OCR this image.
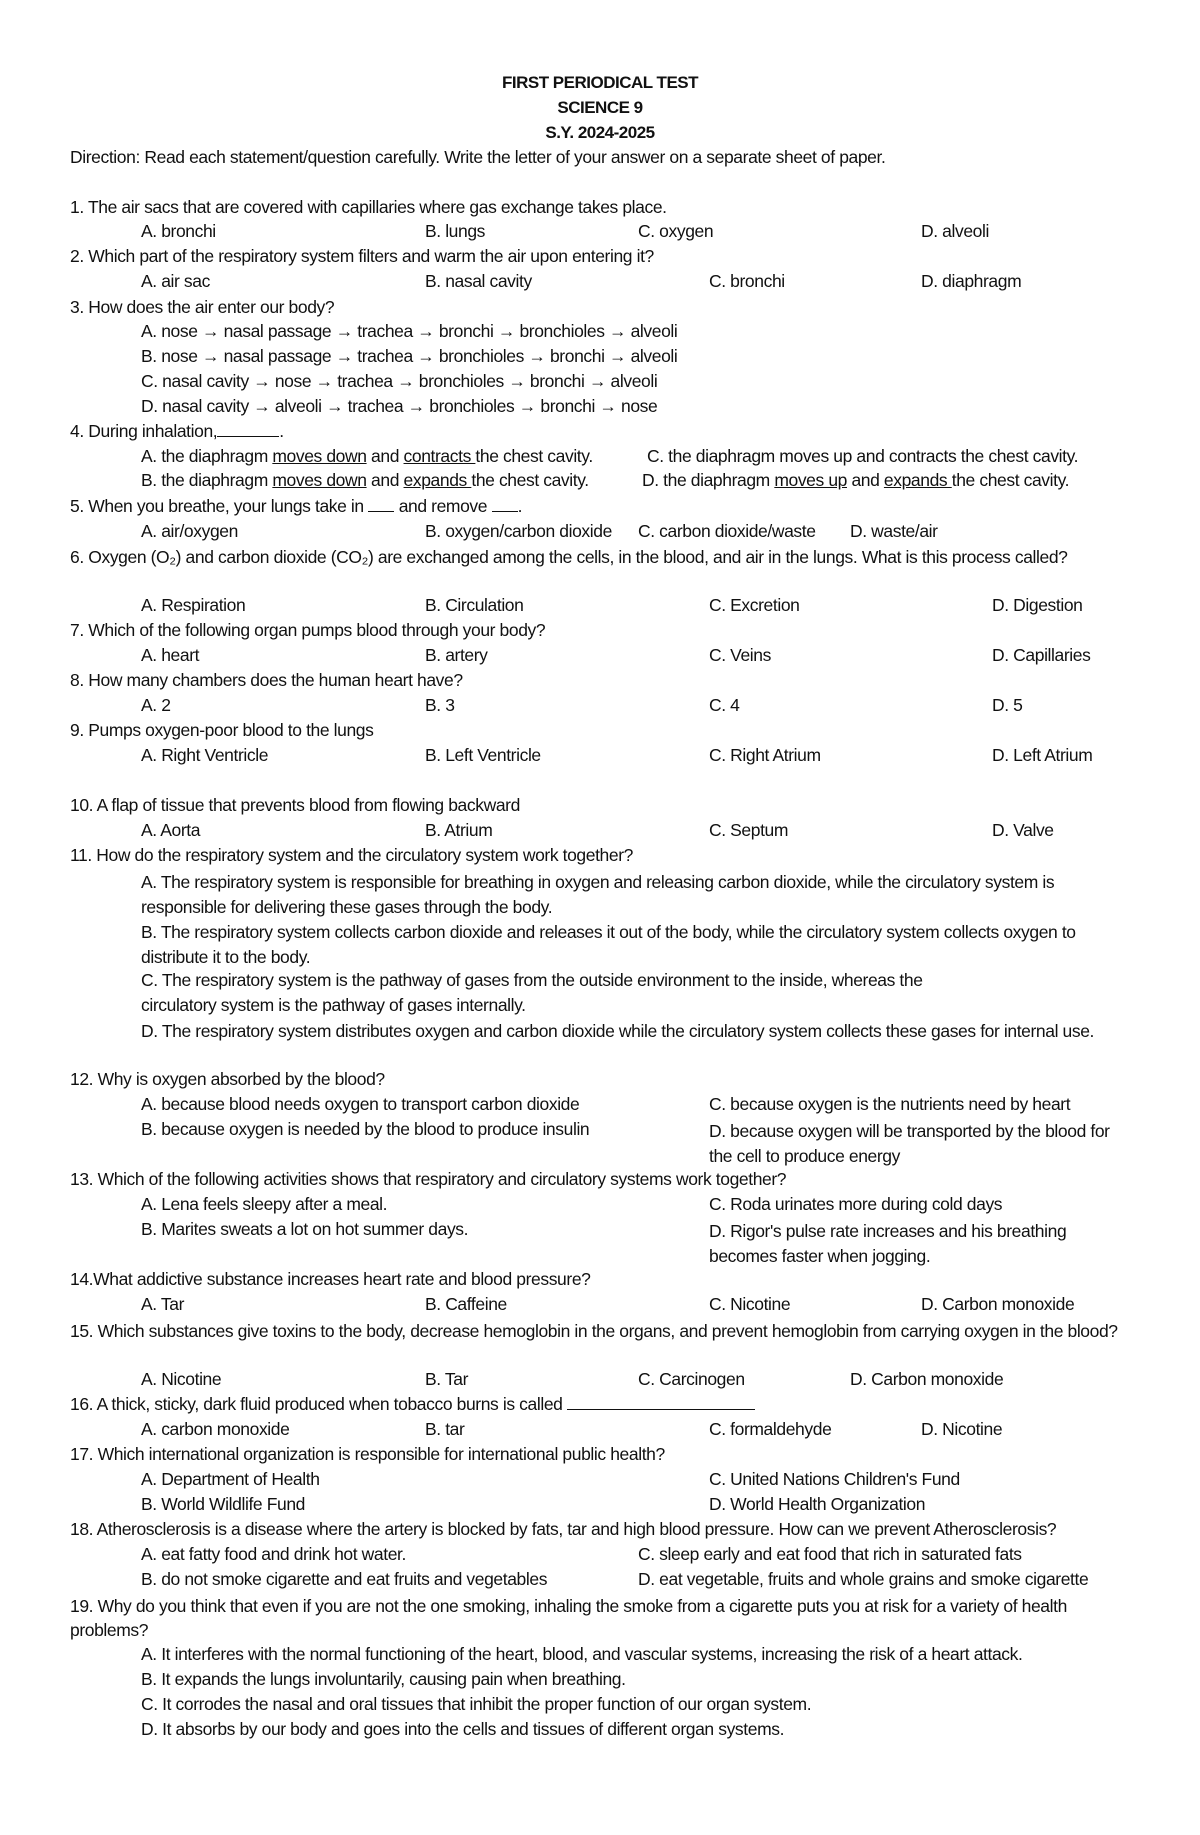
FIRST PERIODICAL TEST
SCIENCE 9
S.Y. 2024-2025
Direction: Read each statement/question carefully. Write the letter of your answer on a separate sheet of paper.
1. The air sacs that are covered with capillaries where gas exchange takes place.
A. bronchi	B. lungs	C. oxygen	D. alveoli
2. Which part of the respiratory system filters and warm the air upon entering it?
A. air sac	B. nasal cavity	C. bronchi	D. diaphragm
3. How does the air enter our body?
A. nose → nasal passage → trachea → bronchi → bronchioles → alveoli
B. nose → nasal passage → trachea → bronchioles → bronchi → alveoli
C. nasal cavity → nose → trachea → bronchioles → bronchi → alveoli
D. nasal cavity → alveoli → trachea → bronchioles → bronchi → nose
4. During inhalation,	.
A. the diaphragm moves down and contracts the chest cavity.	C. the diaphragm moves up and contracts the chest cavity.
B. the diaphragm moves down and expands the chest cavity.	D. the diaphragm moves up and expands the chest cavity.
5. When you breathe, your lungs take in and remove .
A. air/oxygen	B. oxygen/carbon dioxide C. carbon dioxide/waste D. waste/air
6. Oxygen (O₂) and carbon dioxide (CO₂) are exchanged among the cells, in the blood, and air in the lungs. What is this process called?
A. Respiration	B. Circulation	C. Excretion	D. Digestion
7. Which of the following organ pumps blood through your body?
A. heart	B. artery	C. Veins	D. Capillaries
8. How many chambers does the human heart have?
A. 2	B. 3	C. 4	D. 5
9. Pumps oxygen-poor blood to the lungs
A. Right Ventricle	B. Left Ventricle	C. Right Atrium	D. Left Atrium
10. A flap of tissue that prevents blood from flowing backward
A. Aorta	B. Atrium	C. Septum	D. Valve
11. How do the respiratory system and the circulatory system work together?
A. The respiratory system is responsible for breathing in oxygen and releasing carbon dioxide, while the circulatory system is responsible for delivering these gases through the body.
B. The respiratory system collects carbon dioxide and releases it out of the body, while the circulatory system collects oxygen to distribute it to the body.
C. The respiratory system is the pathway of gases from the outside environment to the inside, whereas the
circulatory system is the pathway of gases internally.
D. The respiratory system distributes oxygen and carbon dioxide while the circulatory system collects these gases for internal use.
12. Why is oxygen absorbed by the blood?
A. because blood needs oxygen to transport carbon dioxide	C. because oxygen is the nutrients need by heart
B. because oxygen is needed by the blood to produce insulin	D. because oxygen will be transported by the blood for the cell to produce energy
13. Which of the following activities shows that respiratory and circulatory systems work together?
A. Lena feels sleepy after a meal.	C. Roda urinates more during cold days
B. Marites sweats a lot on hot summer days.	D. Rigor's pulse rate increases and his breathing becomes faster when jogging.
14.What addictive substance increases heart rate and blood pressure?
A. Tar	B. Caffeine	C. Nicotine	D. Carbon monoxide
15. Which substances give toxins to the body, decrease hemoglobin in the organs, and prevent hemoglobin from carrying oxygen in the blood?
A. Nicotine	B. Tar	C. Carcinogen	D. Carbon monoxide
16. A thick, sticky, dark fluid produced when tobacco burns is called
A. carbon monoxide	B. tar	C. formaldehyde	D. Nicotine
17. Which international organization is responsible for international public health?
A. Department of Health	C. United Nations Children's Fund
B. World Wildlife Fund	D. World Health Organization
18. Atherosclerosis is a disease where the artery is blocked by fats, tar and high blood pressure. How can we prevent Atherosclerosis?
A. eat fatty food and drink hot water.	C. sleep early and eat food that rich in saturated fats
B. do not smoke cigarette and eat fruits and vegetables	D. eat vegetable, fruits and whole grains and smoke cigarette
19. Why do you think that even if you are not the one smoking, inhaling the smoke from a cigarette puts you at risk for a variety of health problems?
A. It interferes with the normal functioning of the heart, blood, and vascular systems, increasing the risk of a heart attack.
B. It expands the lungs involuntarily, causing pain when breathing.
C. It corrodes the nasal and oral tissues that inhibit the proper function of our organ system.
D. It absorbs by our body and goes into the cells and tissues of different organ systems.
